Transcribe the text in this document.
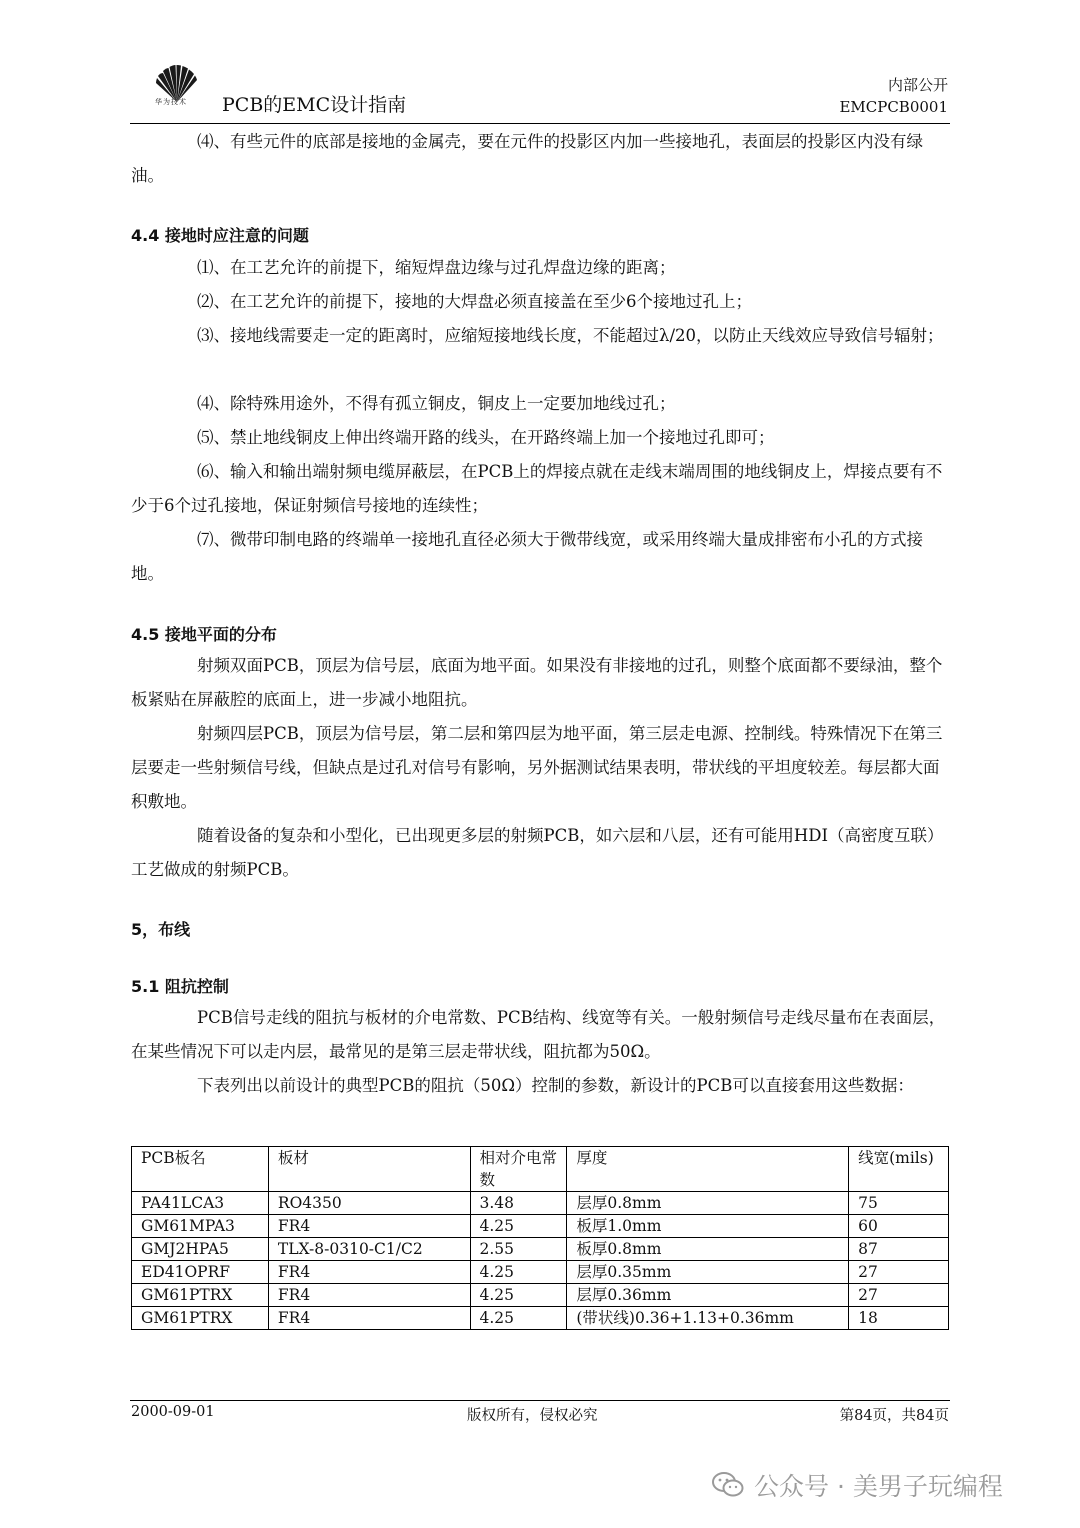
华为技术 PCB的EMC设计指南
内部公开
EMCPCB0001
⑷、有些元件的底部是接地的金属壳，要在元件的投影区内加一些接地孔，表面层的投影区内没有绿油。
4.4 接地时应注意的问题
⑴、在工艺允许的前提下，缩短焊盘边缘与过孔焊盘边缘的距离；
⑵、在工艺允许的前提下，接地的大焊盘必须直接盖在至少6个接地过孔上；
⑶、接地线需要走一定的距离时，应缩短接地线长度，不能超过λ/20，以防止天线效应导致信号辐射；
⑷、除特殊用途外，不得有孤立铜皮，铜皮上一定要加地线过孔；
⑸、禁止地线铜皮上伸出终端开路的线头，在开路终端上加一个接地过孔即可；
⑹、输入和输出端射频电缆屏蔽层，在PCB上的焊接点就在走线末端周围的地线铜皮上，焊接点要有不少于6个过孔接地，保证射频信号接地的连续性；
⑺、微带印制电路的终端单一接地孔直径必须大于微带线宽，或采用终端大量成排密布小孔的方式接地。
4.5 接地平面的分布
射频双面PCB，顶层为信号层，底面为地平面。如果没有非接地的过孔，则整个底面都不要绿油，整个板紧贴在屏蔽腔的底面上，进一步减小地阻抗。
射频四层PCB，顶层为信号层，第二层和第四层为地平面，第三层走电源、控制线。特殊情况下在第三层要走一些射频信号线，但缺点是过孔对信号有影响，另外据测试结果表明，带状线的平坦度较差。每层都大面积敷地。
随着设备的复杂和小型化，已出现更多层的射频PCB，如六层和八层，还有可能用HDI（高密度互联）工艺做成的射频PCB。
5，布线
5.1 阻抗控制
PCB信号走线的阻抗与板材的介电常数、PCB结构、线宽等有关。一般射频信号走线尽量布在表面层，在某些情况下可以走内层，最常见的是第三层走带状线，阻抗都为50Ω。
下表列出以前设计的典型PCB的阻抗（50Ω）控制的参数，新设计的PCB可以直接套用这些数据：
PCB板名	板材	相对介电常数	厚度	线宽(mils)
PA41LCA3	RO4350	3.48	层厚0.8mm	75
GM61MPA3	FR4	4.25	板厚1.0mm	60
GMJ2HPA5	TLX-8-0310-C1/C2	2.55	板厚0.8mm	87
ED41OPRF	FR4	4.25	层厚0.35mm	27
GM61PTRX	FR4	4.25	层厚0.36mm	27
GM61PTRX	FR4	4.25	(带状线)0.36+1.13+0.36mm	18
2000-09-01	版权所有，侵权必究	第84页，共84页
公众号 · 美男子玩编程
